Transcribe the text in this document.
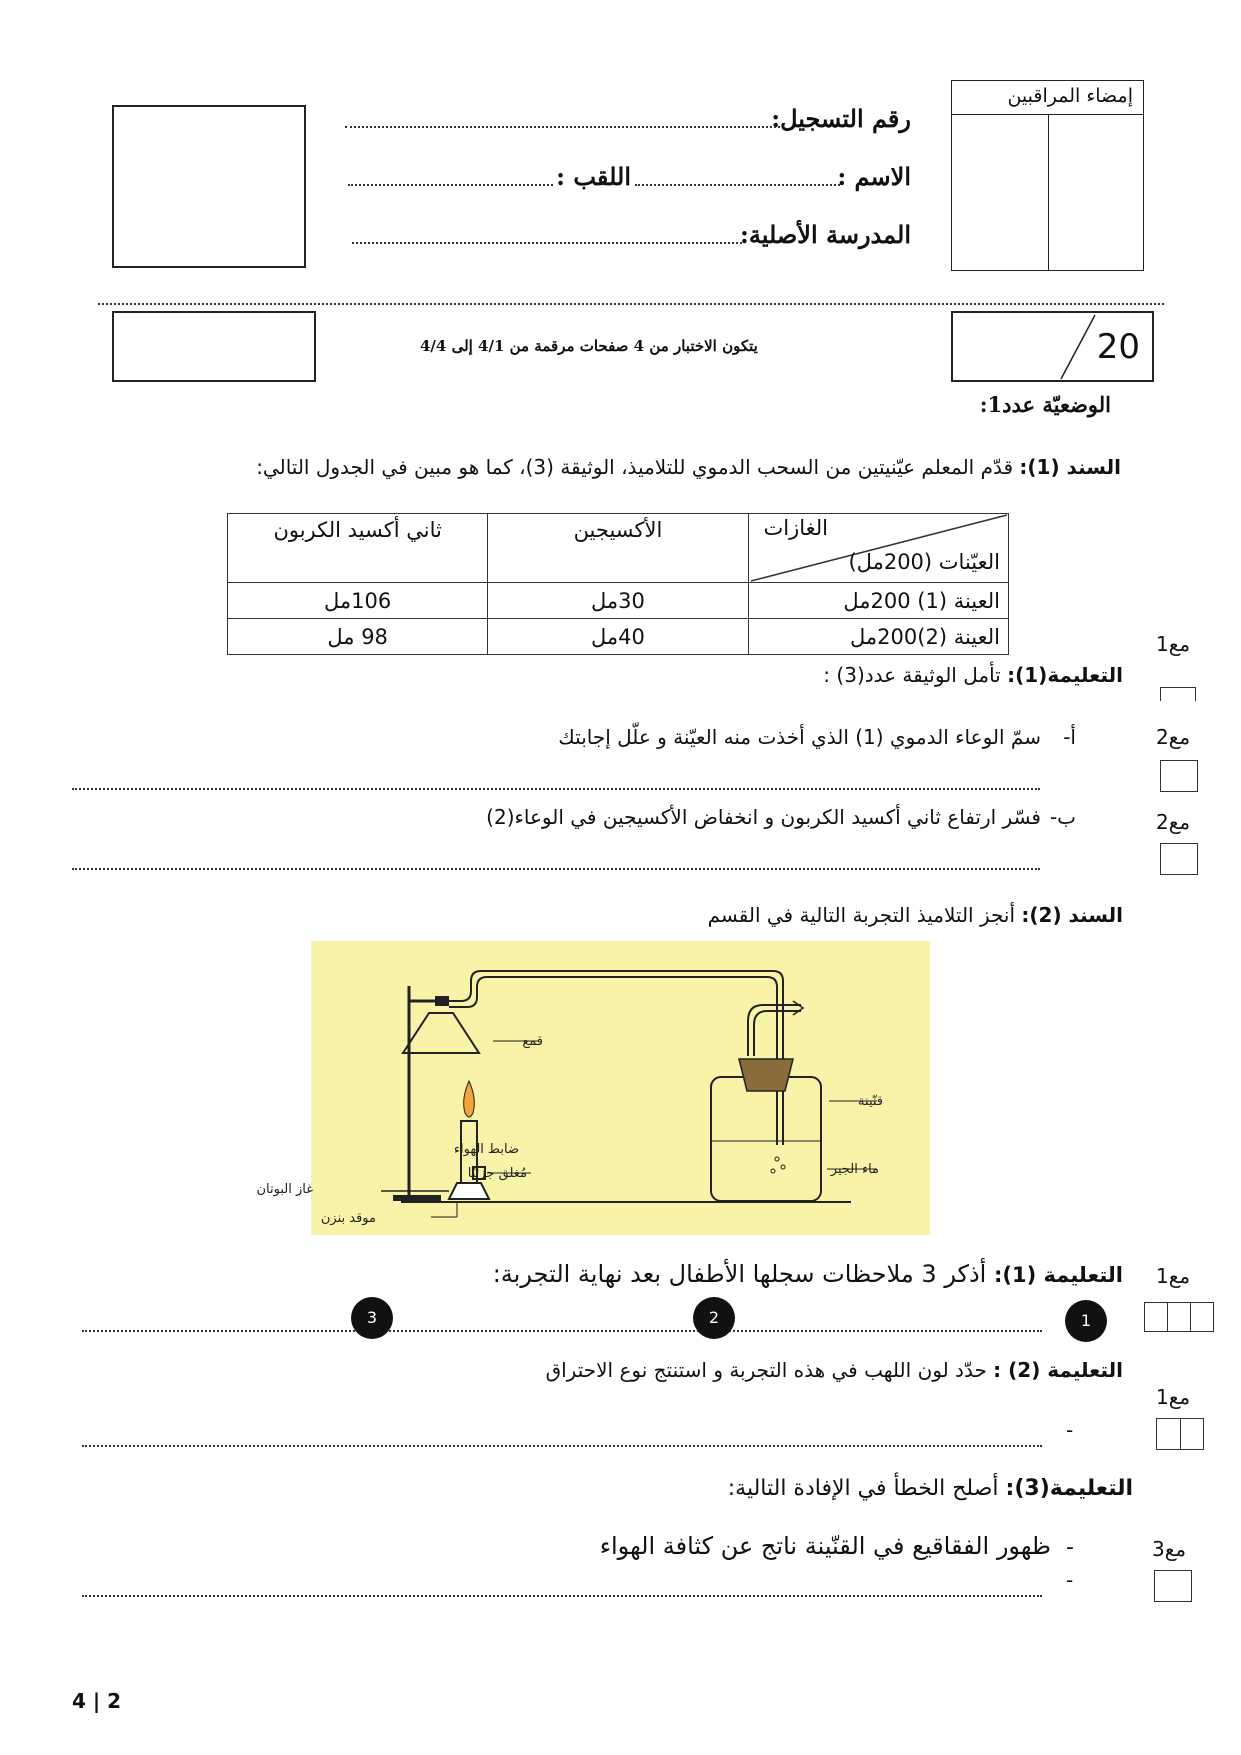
رقم التسجيل:
الاسم :
اللقب :
المدرسة الأصلية:
إمضاء المراقبين
يتكون الاختبار من 4 صفحات مرقمة من 4/1 إلى 4/4	20
الوضعيّة عدد1:
السند (1): قدّم المعلم عيّنيتين من السحب الدموي للتلاميذ، الوثيقة (3)، كما هو مبين في الجدول التالي:
الغازات
العيّنات (200مل)	الأكسيجين	ثاني أكسيد الكربون
العينة (1) 200مل	30مل	106مل
العينة (2)200مل	40مل	98 مل	مع1
التعليمة(1): تأمل الوثيقة عدد(3) :
مع2
أ-
سمّ الوعاء الدموي (1) الذي أخذت منه العيّنة و علّل إجابتك
مع2
ب-
فسّر ارتفاع ثاني أكسيد الكربون و انخفاض الأكسيجين في الوعاء(2)
السند (2): أنجز التلاميذ التجربة التالية في القسم
قمع
قنّينة
ماء الجير
ضابط الهواء
مُغلق جزئيًا
غاز البوتان
موقد بنزن
مع1
التعليمة (1): أذكر 3 ملاحظات سجلها الأطفال بعد نهاية التجربة:
1
2
3
التعليمة (2) : حدّد لون اللهب في هذه التجربة و استنتج نوع الاحتراق
مع1
-
التعليمة(3): أصلح الخطأ في الإفادة التالية:
مع3
-
ظهور الفقاقيع في القنّينة ناتج عن كثافة الهواء
-
4 | 2
